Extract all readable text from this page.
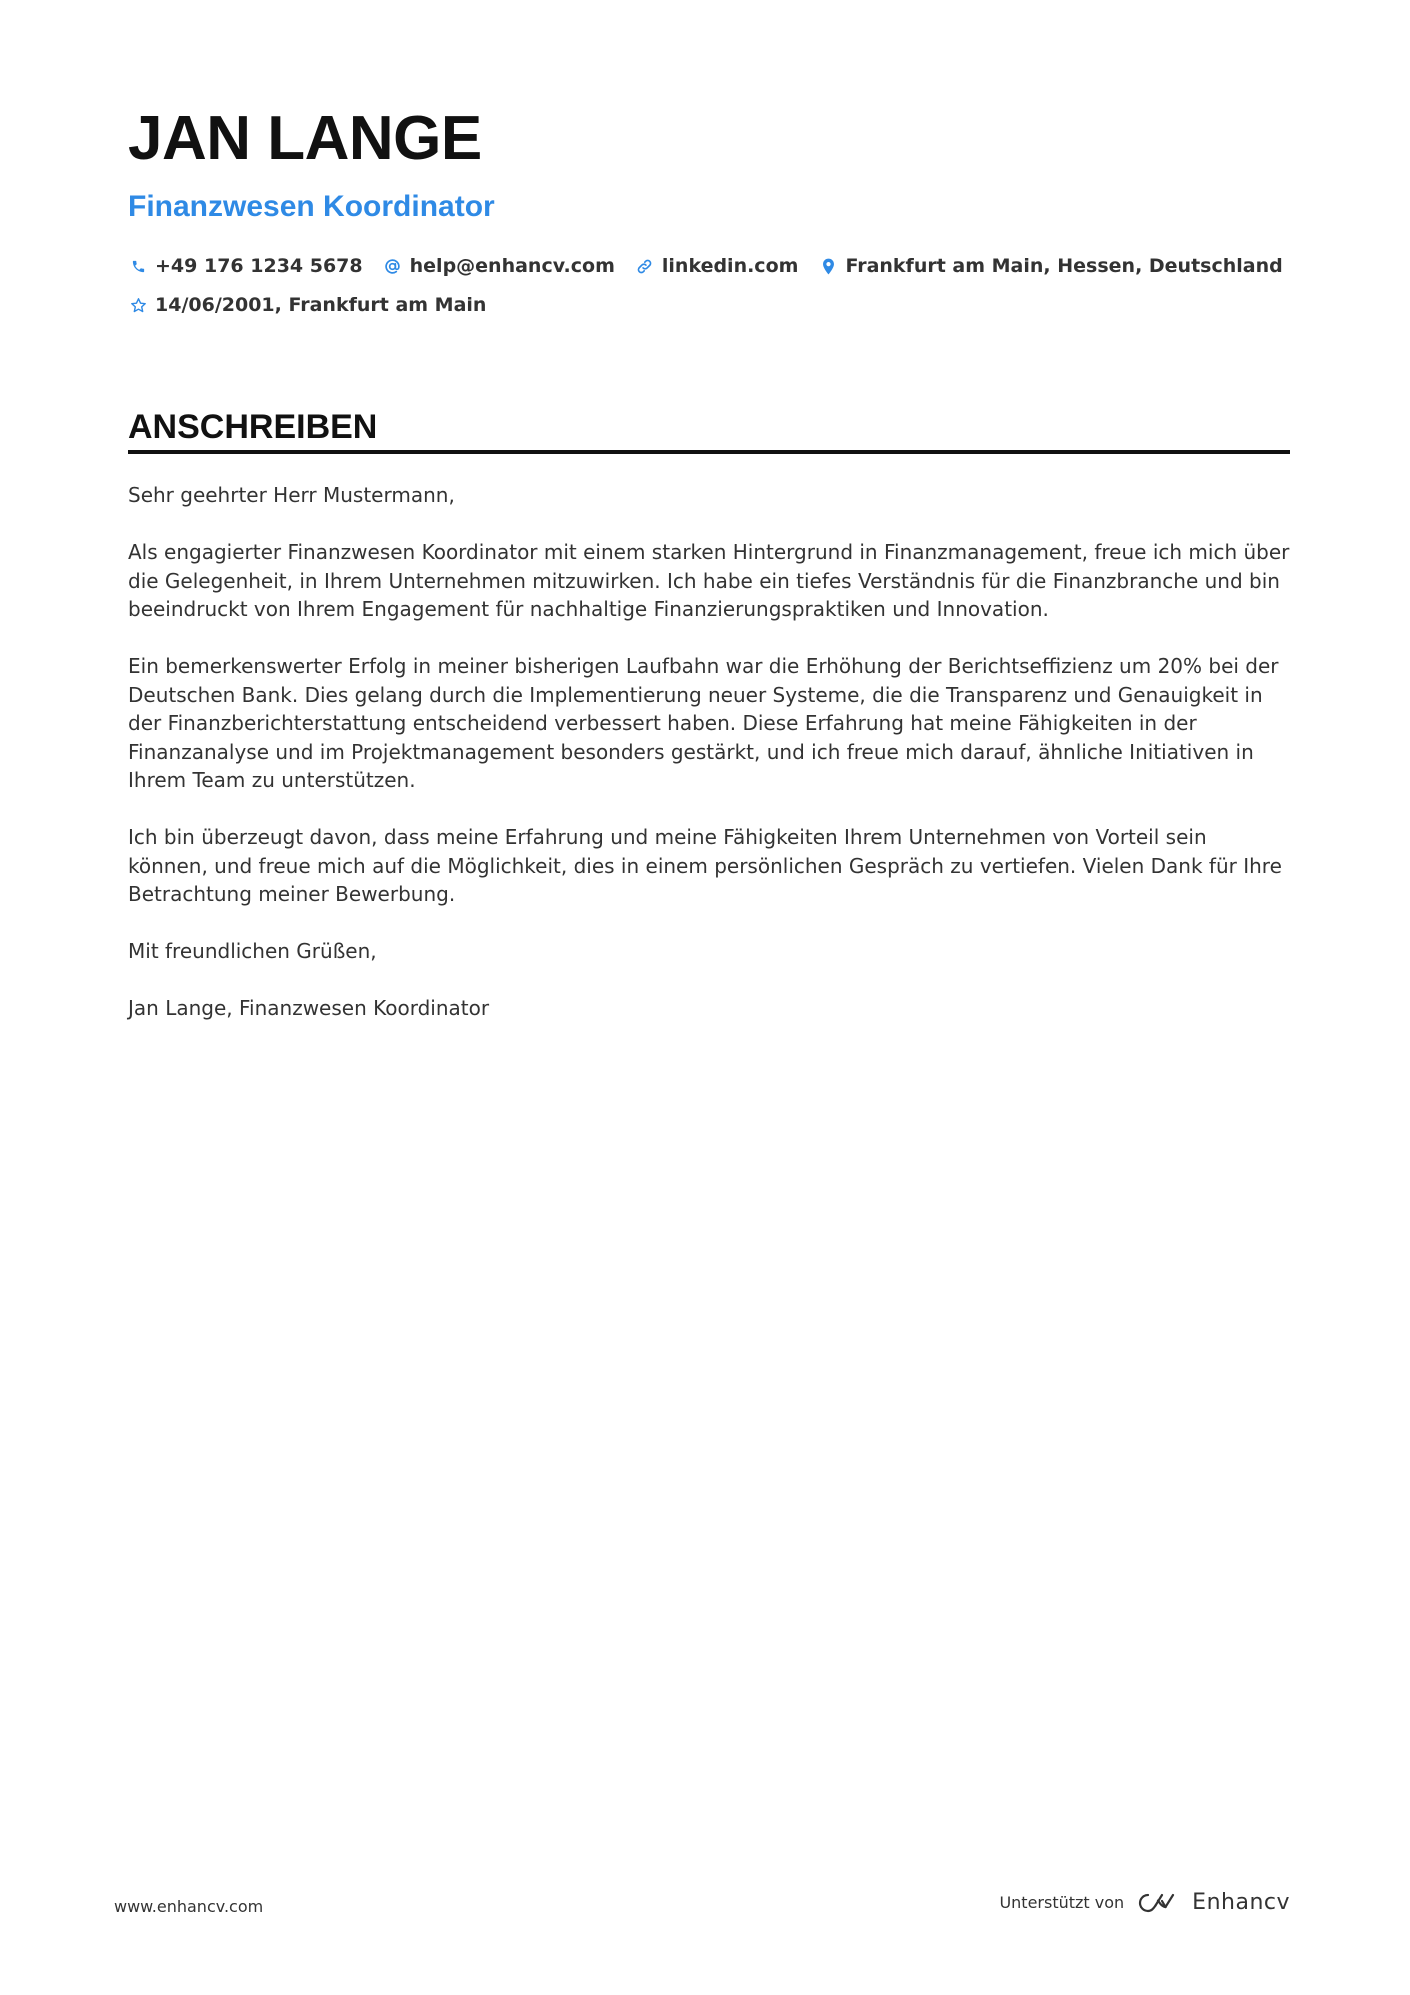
JAN LANGE
Finanzwesen Koordinator
+49 176 1234 5678 help@enhancv.com linkedin.com Frankfurt am Main, Hessen, Deutschland
14/06/2001, Frankfurt am Main
ANSCHREIBEN

Sehr geehrter Herr Mustermann,

Als engagierter Finanzwesen Koordinator mit einem starken Hintergrund in Finanzmanagement, freue ich mich über die Gelegenheit, in Ihrem Unternehmen mitzuwirken. Ich habe ein tiefes Verständnis für die Finanzbranche und bin beeindruckt von Ihrem Engagement für nachhaltige Finanzierungspraktiken und Innovation.

Ein bemerkenswerter Erfolg in meiner bisherigen Laufbahn war die Erhöhung der Berichtseffizienz um 20% bei der Deutschen Bank. Dies gelang durch die Implementierung neuer Systeme, die die Transparenz und Genauigkeit in der Finanzberichterstattung entscheidend verbessert haben. Diese Erfahrung hat meine Fähigkeiten in der Finanzanalyse und im Projektmanagement besonders gestärkt, und ich freue mich darauf, ähnliche Initiativen in Ihrem Team zu unterstützen.

Ich bin überzeugt davon, dass meine Erfahrung und meine Fähigkeiten Ihrem Unternehmen von Vorteil sein können, und freue mich auf die Möglichkeit, dies in einem persönlichen Gespräch zu vertiefen. Vielen Dank für Ihre Betrachtung meiner Bewerbung.

Mit freundlichen Grüßen,

Jan Lange, Finanzwesen Koordinator

www.enhancv.com	Unterstützt von	Enhancv
